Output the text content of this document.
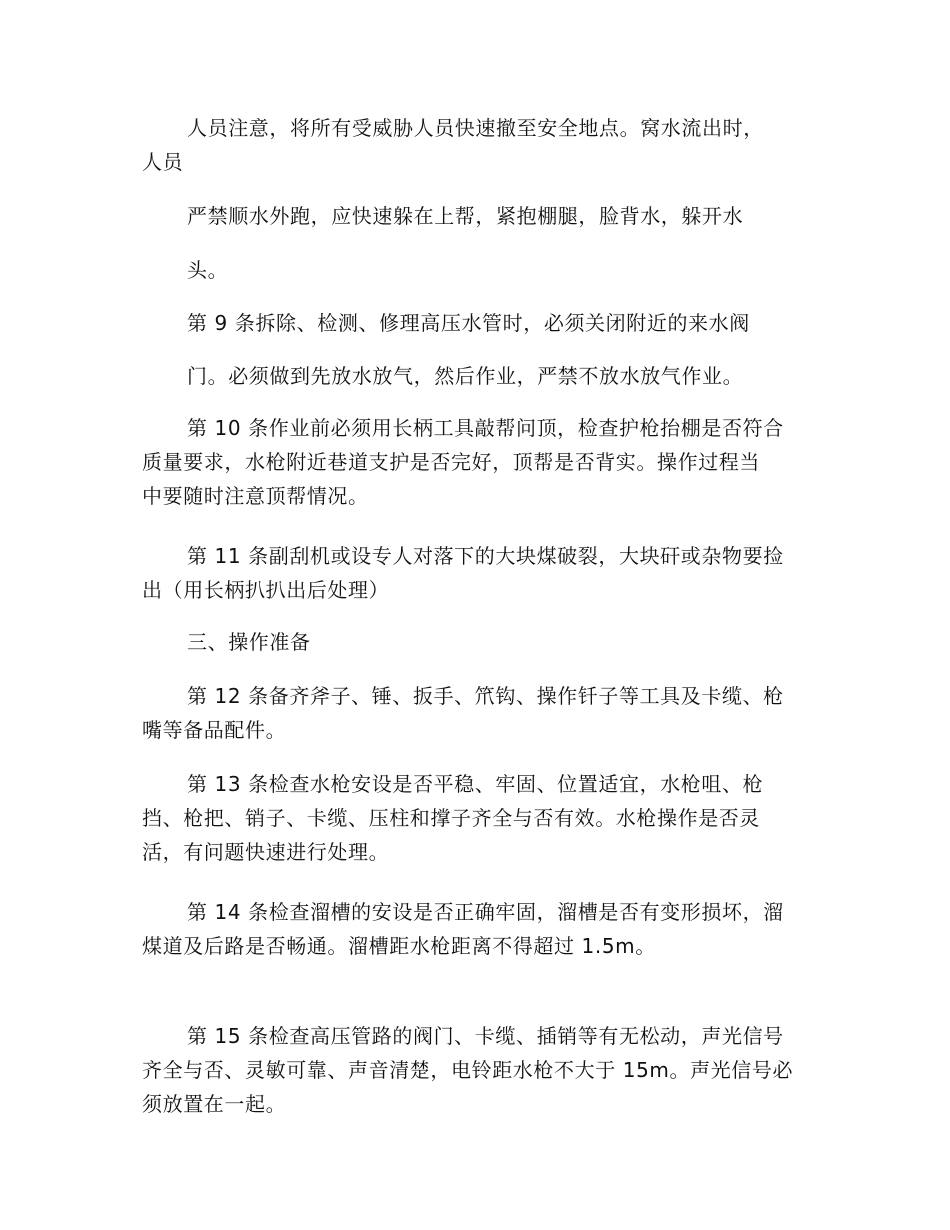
人员注意，将所有受威胁人员快速撤至安全地点。窝水流出时，
人员
严禁顺水外跑，应快速躲在上帮，紧抱棚腿，脸背水，躲开水
头。
第 9 条拆除、检测、修理高压水管时，必须关闭附近的来水阀
门。必须做到先放水放气，然后作业，严禁不放水放气作业。
第 10 条作业前必须用长柄工具敲帮问顶，检查护枪抬棚是否符合
质量要求，水枪附近巷道支护是否完好，顶帮是否背实。操作过程当
中要随时注意顶帮情况。
第 11 条副刮机或设专人对落下的大块煤破裂，大块矸或杂物要捡
出（用长柄扒扒出后处理）
三、操作准备
第 12 条备齐斧子、锤、扳手、笊钩、操作钎子等工具及卡缆、枪
嘴等备品配件。
第 13 条检查水枪安设是否平稳、牢固、位置适宜，水枪咀、枪
挡、枪把、销子、卡缆、压柱和撑子齐全与否有效。水枪操作是否灵
活，有问题快速进行处理。
第 14 条检查溜槽的安设是否正确牢固，溜槽是否有变形损坏，溜
煤道及后路是否畅通。溜槽距水枪距离不得超过 1.5m。
第 15 条检查高压管路的阀门、卡缆、插销等有无松动，声光信号
齐全与否、灵敏可靠、声音清楚，电铃距水枪不大于 15m。声光信号必
须放置在一起。
